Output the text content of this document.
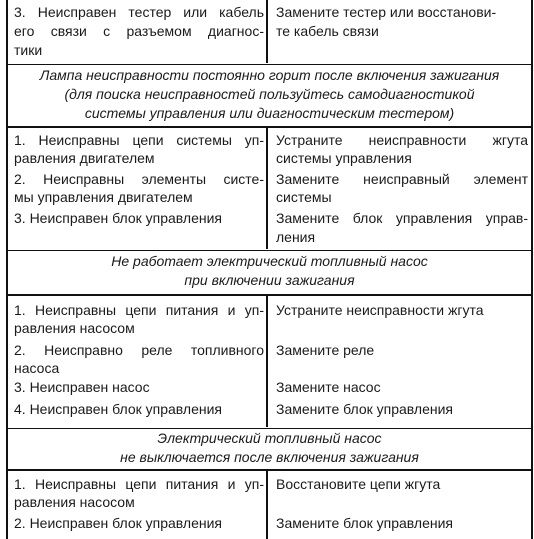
3. Неисправен тестер или кабель
его связи с разъемом диагнос-
тики
Замените тестер или восстанови-
те кабель связи
Лампа неисправности постоянно горит после включения зажигания
(для поиска неисправностей пользуйтесь самодиагностикой
системы управления или диагностическим тестером)
1. Неисправны цепи системы уп-
равления двигателем
2. Неисправны элементы систе-
мы управления двигателем
3. Неисправен блок управления
Устраните неисправности жгута
системы управления
Замените неисправный элемент
системы
Замените блок управления управ-
ления
Не работает электрический топливный насос
при включении зажигания
1. Неисправны цепи питания и уп-
равления насосом
2. Неисправно реле топливного
насоса
3. Неисправен насос
4. Неисправен блок управления
Устраните неисправности жгута
Замените реле
Замените насос
Замените блок управления
Электрический топливный насос
не выключается после включения зажигания
1. Неисправны цепи питания и уп-
равления насосом
2. Неисправен блок управления
Восстановите цепи жгута
Замените блок управления
